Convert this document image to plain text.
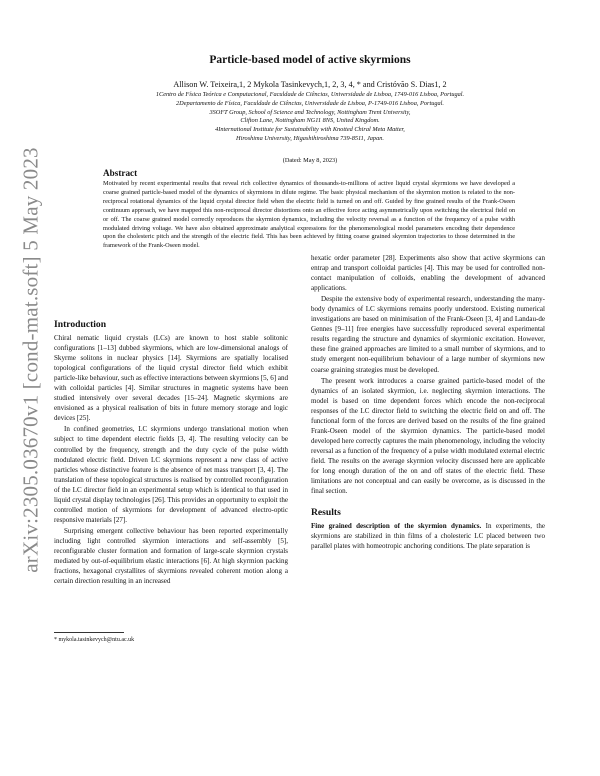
arXiv:2305.03670v1 [cond-mat.soft] 5 May 2023
Particle-based model of active skyrmions
Allison W. Teixeira,1, 2 Mykola Tasinkevych,1, 2, 3, 4, * and Cristóvão S. Dias1, 2
1Centro de Física Teórica e Computacional, Faculdade de Ciências, Universidade de Lisboa, 1749-016 Lisboa, Portugal.
2Departamento de Física, Faculdade de Ciências, Universidade de Lisboa, P-1749-016 Lisboa, Portugal.
3SOFT Group, School of Science and Technology, Nottingham Trent University,
Clifton Lane, Nottingham NG11 8NS, United Kingdom.
4International Institute for Sustainability with Knotted Chiral Meta Matter,
Hiroshima University, Higashihiroshima 739-8511, Japan.
(Dated: May 8, 2023)
Abstract
Motivated by recent experimental results that reveal rich collective dynamics of thousands-to-millions of active liquid crystal skyrmions we have developed a coarse grained particle-based model of the dynamics of skyrmions in dilute regime. The basic physical mechanism of the skyrmion motion is related to the non-reciprocal rotational dynamics of the liquid crystal director field when the electric field is turned on and off. Guided by fine grained results of the Frank-Oseen continuum approach, we have mapped this non-reciprocal director distortions onto an effective force acting asymmetrically upon switching the electrical field on or off. The coarse grained model correctly reproduces the skyrmion dynamics, including the velocity reversal as a function of the frequency of a pulse width modulated driving voltage. We have also obtained approximate analytical expressions for the phenomenological model parameters encoding their dependence upon the cholesteric pitch and the strength of the electric field. This has been achieved by fitting coarse grained skyrmion trajectories to those determined in the framework of the Frank-Oseen model.
Introduction

Chiral nematic liquid crystals (LCs) are known to host stable solitonic configurations [1–13] dubbed skyrmions, which are low-dimensional analogs of Skyrme solitons in nuclear physics [14]. Skyrmions are spatially localised topological configurations of the liquid crystal director field which exhibit particle-like behaviour, such as effective interactions between skyrmions [5, 6] and with colloidal particles [4]. Similar structures in magnetic systems have been studied intensively over several decades [15–24]. Magnetic skyrmions are envisioned as a physical realisation of bits in future memory storage and logic devices [25].

In confined geometries, LC skyrmions undergo translational motion when subject to time dependent electric fields [3, 4]. The resulting velocity can be controlled by the frequency, strength and the duty cycle of the pulse width modulated electric field. Driven LC skyrmions represent a new class of active particles whose distinctive feature is the absence of net mass transport [3, 4]. The translation of these topological structures is realised by controlled reconfiguration of the LC director field in an experimental setup which is identical to that used in liquid crystal display technologies [26]. This provides an opportunity to exploit the controlled motion of skyrmions for development of advanced electro-optic responsive materials [27].

Surprising emergent collective behaviour has been reported experimentally including light controlled skyrmion interactions and self-assembly [5], reconfigurable cluster formation and formation of large-scale skyrmion crystals mediated by out-of-equilibrium elastic interactions [6]. At high skyrmion packing fractions, hexagonal crystallites of skyrmions revealed coherent motion along a certain direction resulting in an increased

hexatic order parameter [28]. Experiments also show that active skyrmions can entrap and transport colloidal particles [4]. This may be used for controlled non-contact manipulation of colloids, enabling the development of advanced applications.

Despite the extensive body of experimental research, understanding the many-body dynamics of LC skyrmions remains poorly understood. Existing numerical investigations are based on minimisation of the Frank-Oseen [3, 4] and Landau-de Gennes [9–11] free energies have successfully reproduced several experimental results regarding the structure and dynamics of skyrmionic excitation. However, these fine grained approaches are limited to a small number of skyrmions, and to study emergent non-equilibrium behaviour of a large number of skyrmions new coarse graining strategies must be developed.

The present work introduces a coarse grained particle-based model of the dynamics of an isolated skyrmion, i.e. neglecting skyrmion interactions. The model is based on time dependent forces which encode the non-reciprocal responses of the LC director field to switching the electric field on and off. The functional form of the forces are derived based on the results of the fine grained Frank-Oseen model of the skyrmion dynamics. The particle-based model developed here correctly captures the main phenomenology, including the velocity reversal as a function of the frequency of a pulse width modulated external electric field. The results on the average skyrmion velocity discussed here are applicable for long enough duration of the on and off states of the electric field. These limitations are not conceptual and can easily be overcome, as is discussed in the final section.

Results

Fine grained description of the skyrmion dynamics. In experiments, the skyrmions are stabilized in thin films of a cholesteric LC placed between two parallel plates with homeotropic anchoring conditions. The plate separation is

* mykola.tasinkevych@ntu.ac.uk
